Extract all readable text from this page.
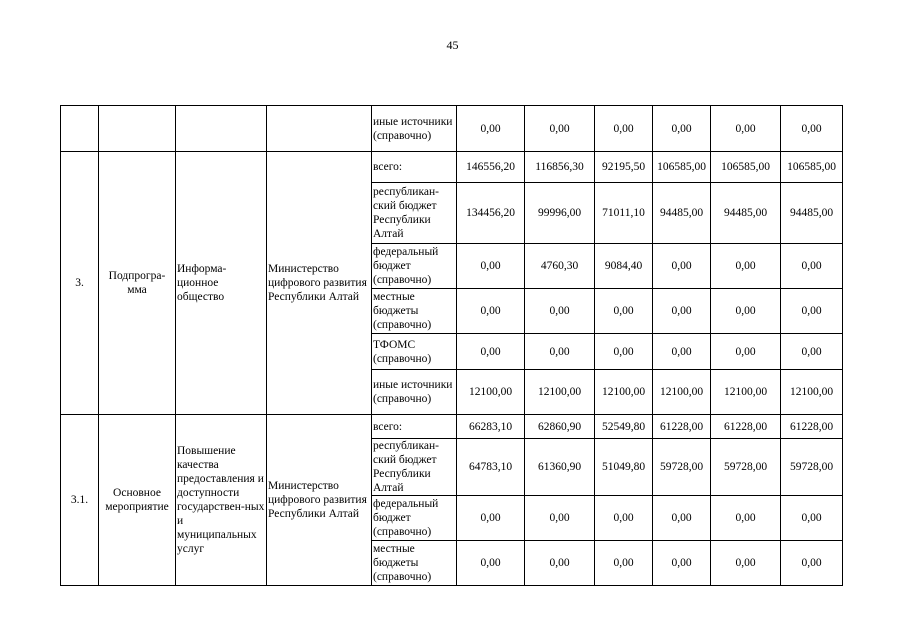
45
				иные источники (справочно)	0,00	0,00	0,00	0,00	0,00	0,00
3.	Подпрогра-мма	Информа-ционное общество	Министерство цифрового развития Республики Алтай	всего:	146556,20	116856,30	92195,50	106585,00	106585,00	106585,00
				республикан-ский бюджет Республики Алтай	134456,20	99996,00	71011,10	94485,00	94485,00	94485,00
				федеральный бюджет (справочно)	0,00	4760,30	9084,40	0,00	0,00	0,00
				местные бюджеты (справочно)	0,00	0,00	0,00	0,00	0,00	0,00
				ТФОМС (справочно)	0,00	0,00	0,00	0,00	0,00	0,00
				иные источники (справочно)	12100,00	12100,00	12100,00	12100,00	12100,00	12100,00
3.1.	Основное мероприятие	Повышение качества предоставления и доступности государствен-ных и муниципальных услуг	Министерство цифрового развития Республики Алтай	всего:	66283,10	62860,90	52549,80	61228,00	61228,00	61228,00
				республикан-ский бюджет Республики Алтай	64783,10	61360,90	51049,80	59728,00	59728,00	59728,00
				федеральный бюджет (справочно)	0,00	0,00	0,00	0,00	0,00	0,00
				местные бюджеты (справочно)	0,00	0,00	0,00	0,00	0,00	0,00
